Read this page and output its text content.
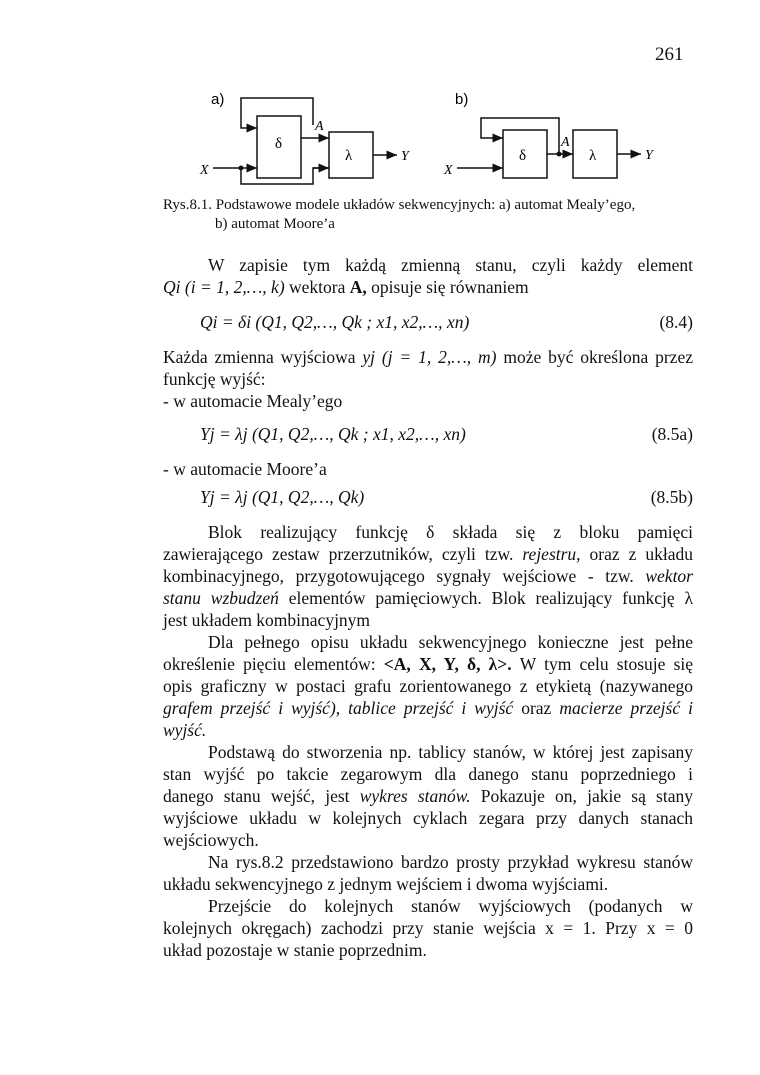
261
a)
δ
λ
A
X
Y
b)
δ	λ
A
X
Y
Rys.8.1. Podstawowe modele układów sekwencyjnych: a) automat Mealy’ego,
b) automat Moore’a

W zapisie tym każdą zmienną stanu, czyli każdy element

Qi (i = 1, 2,…, k) wektora A, opisuje się równaniem

Qi = δi (Q1, Q2,…, Qk ; x1, x2,…, xn)	(8.4)

Każda zmienna wyjściowa yj (j = 1, 2,…, m) może być określona przez

funkcję wyjść:

- w automacie Mealy’ego

Yj = λj (Q1, Q2,…, Qk ; x1, x2,…, xn)	(8.5a)

- w automacie Moore’a

Yj = λj (Q1, Q2,…, Qk)	(8.5b)

Blok realizujący funkcję δ składa się z bloku pamięci

zawierającego zestaw przerzutników, czyli tzw. rejestru, oraz z układu

kombinacyjnego, przygotowującego sygnały wejściowe - tzw. wektor

stanu wzbudzeń elementów pamięciowych. Blok realizujący funkcję λ

jest układem kombinacyjnym

Dla pełnego opisu układu sekwencyjnego konieczne jest pełne

określenie pięciu elementów: <A, X, Y, δ, λ>. W tym celu stosuje się

opis graficzny w postaci grafu zorientowanego z etykietą (nazywanego

grafem przejść i wyjść), tablice przejść i wyjść oraz macierze przejść i

wyjść.

Podstawą do stworzenia np. tablicy stanów, w której jest zapisany

stan wyjść po takcie zegarowym dla danego stanu poprzedniego i

danego stanu wejść, jest wykres stanów. Pokazuje on, jakie są stany

wyjściowe układu w kolejnych cyklach zegara przy danych stanach

wejściowych.

Na rys.8.2 przedstawiono bardzo prosty przykład wykresu stanów

układu sekwencyjnego z jednym wejściem i dwoma wyjściami.

Przejście do kolejnych stanów wyjściowych (podanych w

kolejnych okręgach) zachodzi przy stanie wejścia x = 1. Przy x = 0

układ pozostaje w stanie poprzednim.
